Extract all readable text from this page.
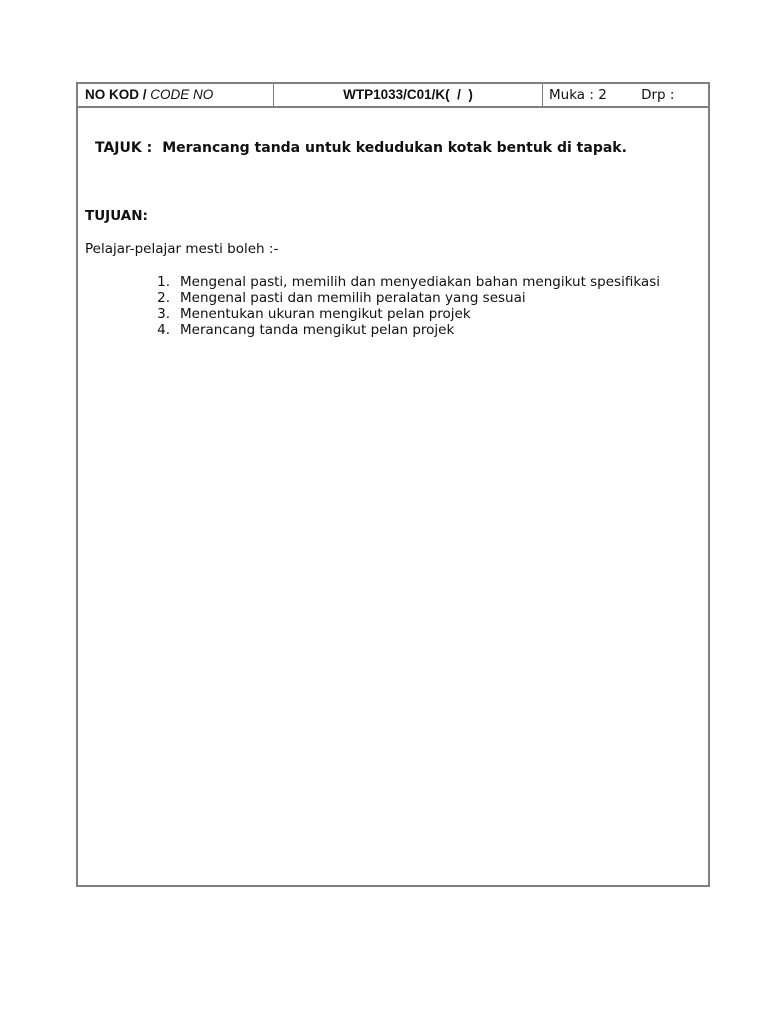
NO KOD / CODE NO	WTP1033/C01/K(  /  )	Muka : 2	Drp :
TAJUK : Merancang tanda untuk kedudukan kotak bentuk di tapak.
TUJUAN:
Pelajar-pelajar mesti boleh :-
1. Mengenal pasti, memilih dan menyediakan bahan mengikut spesifikasi
2. Mengenal pasti dan memilih peralatan yang sesuai
3. Menentukan ukuran mengikut pelan projek
4. Merancang tanda mengikut pelan projek
